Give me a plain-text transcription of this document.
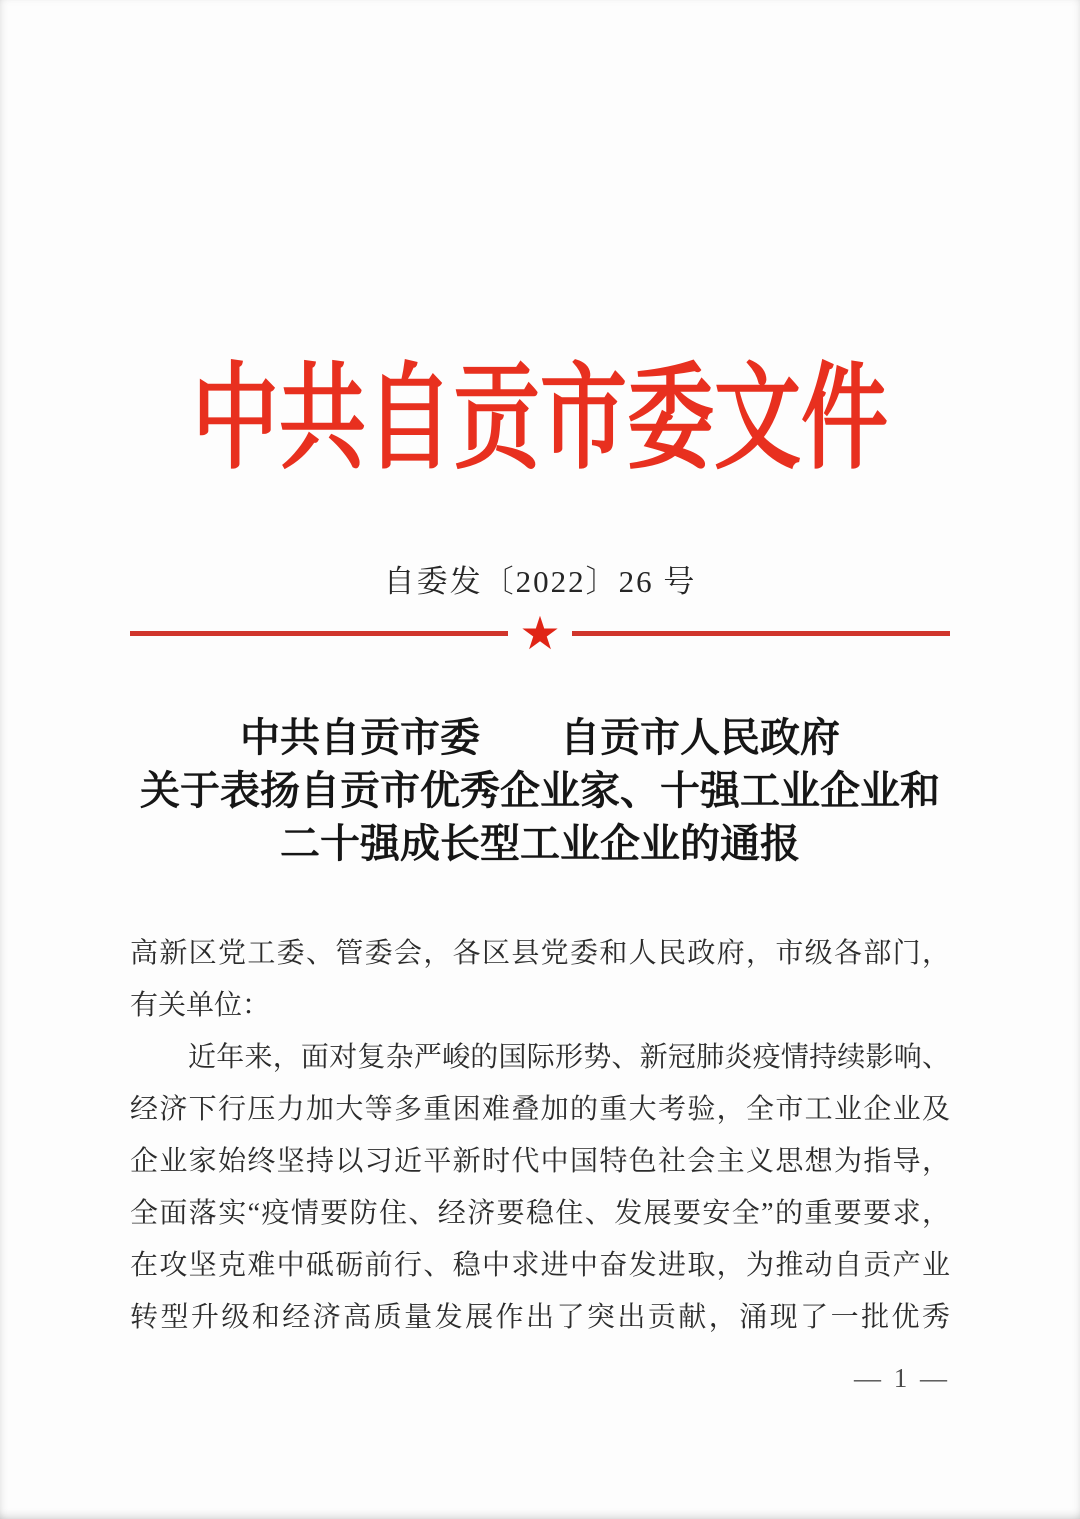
中共自贡市委文件
自委发〔2022〕26 号
★
中共自贡市委　　自贡市人民政府
关于表扬自贡市优秀企业家、十强工业企业和
二十强成长型工业企业的通报
高新区党工委、管委会，各区县党委和人民政府，市级各部门，
有关单位：
近年来，面对复杂严峻的国际形势、新冠肺炎疫情持续影响、
经济下行压力加大等多重困难叠加的重大考验，全市工业企业及
企业家始终坚持以习近平新时代中国特色社会主义思想为指导，
全面落实“疫情要防住、经济要稳住、发展要安全”的重要要求，
在攻坚克难中砥砺前行、稳中求进中奋发进取，为推动自贡产业
转型升级和经济高质量发展作出了突出贡献，涌现了一批优秀
— 1 —
